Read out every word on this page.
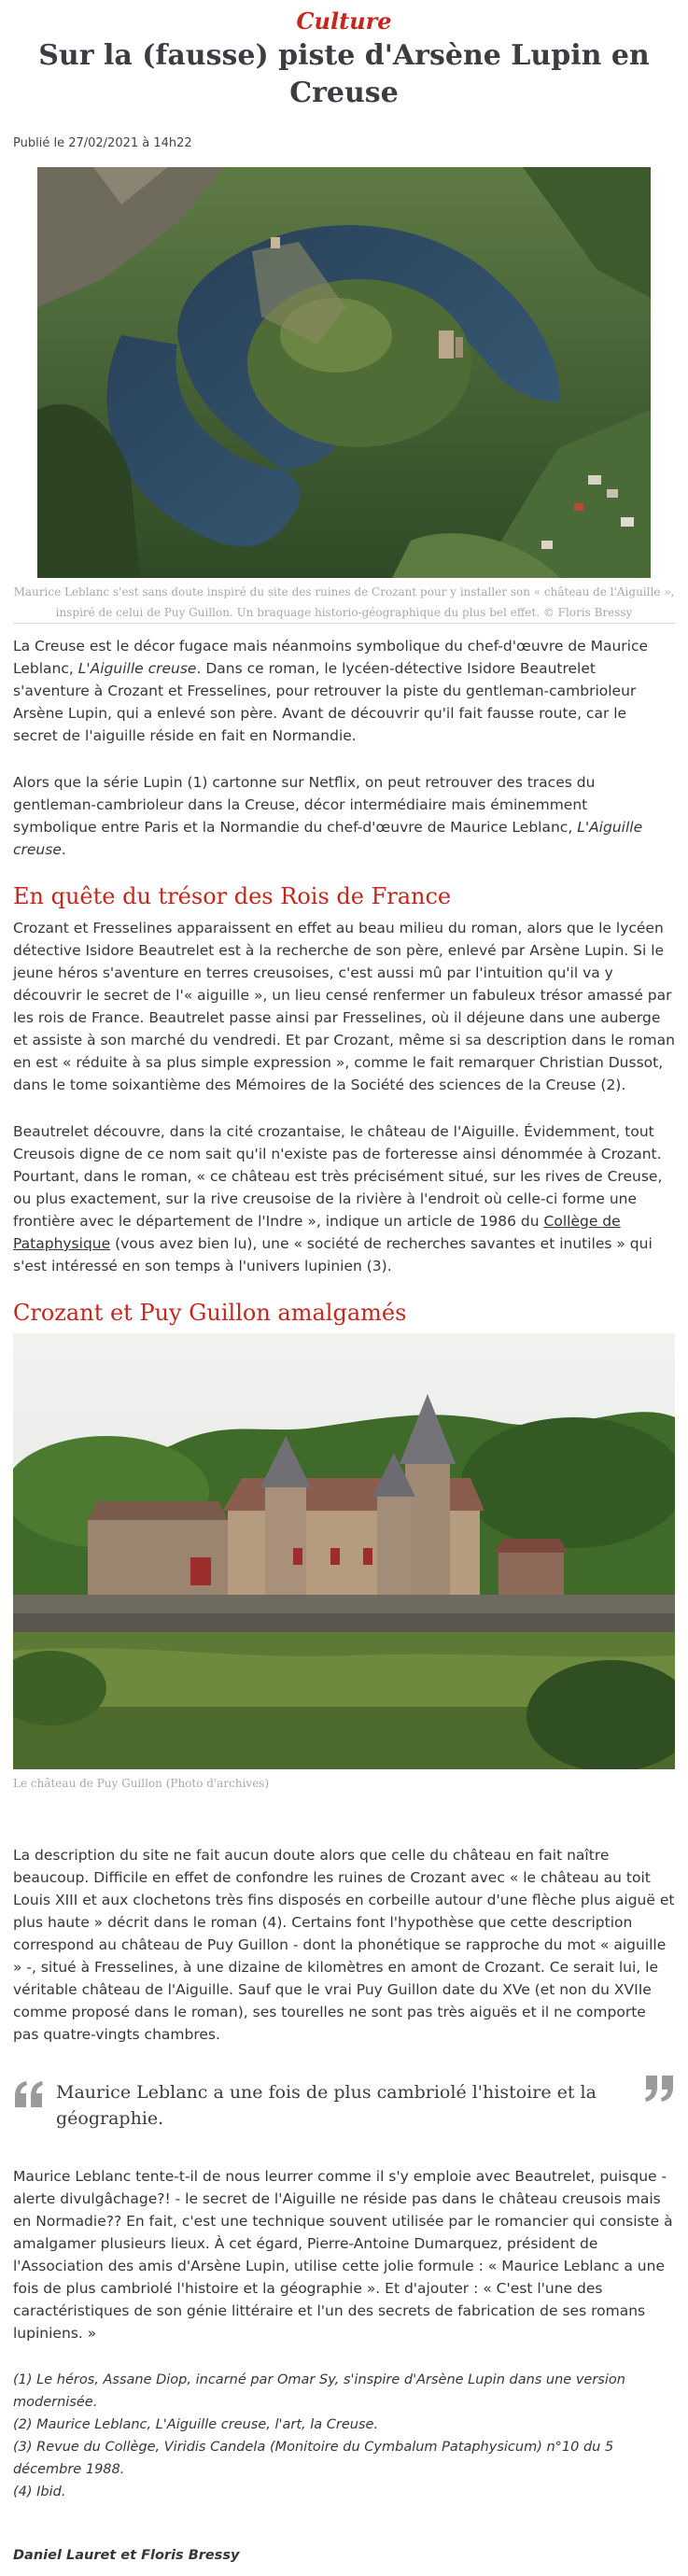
Culture

Sur la (fausse) piste d'Arsène Lupin en Creuse
Publié le 27/02/2021 à 14h22
Maurice Leblanc s'est sans doute inspiré du site des ruines de Crozant pour y installer son « château de l'Aiguille », inspiré de celui de Puy Guillon. Un braquage historio-géographique du plus bel effet. © Floris Bressy

La Creuse est le décor fugace mais néanmoins symbolique du chef-d'œuvre de Maurice Leblanc, L'Aiguille creuse. Dans ce roman, le lycéen-détective Isidore Beautrelet s'aventure à Crozant et Fresselines, pour retrouver la piste du gentleman-cambrioleur Arsène Lupin, qui a enlevé son père. Avant de découvrir qu'il fait fausse route, car le secret de l'aiguille réside en fait en Normandie.

Alors que la série Lupin (1) cartonne sur Netflix, on peut retrouver des traces du gentleman-cambrioleur dans la Creuse, décor intermédiaire mais éminemment symbolique entre Paris et la Normandie du chef-d'œuvre de Maurice Leblanc, L'Aiguille creuse.

En quête du trésor des Rois de France

Crozant et Fresselines apparaissent en effet au beau milieu du roman, alors que le lycéen détective Isidore Beautrelet est à la recherche de son père, enlevé par Arsène Lupin. Si le jeune héros s'aventure en terres creusoises, c'est aussi mû par l'intuition qu'il va y découvrir le secret de l'« aiguille », un lieu censé renfermer un fabuleux trésor amassé par les rois de France. Beautrelet passe ainsi par Fresselines, où il déjeune dans une auberge et assiste à son marché du vendredi. Et par Crozant, même si sa description dans le roman en est « réduite à sa plus simple expression », comme le fait remarquer Christian Dussot, dans le tome soixantième des Mémoires de la Société des sciences de la Creuse (2).

Beautrelet découvre, dans la cité crozantaise, le château de l'Aiguille. Évidemment, tout Creusois digne de ce nom sait qu'il n'existe pas de forteresse ainsi dénommée à Crozant. Pourtant, dans le roman, « ce château est très précisément situé, sur les rives de Creuse, ou plus exactement, sur la rive creusoise de la rivière à l'endroit où celle-ci forme une frontière avec le département de l'Indre », indique un article de 1986 du Collège de Pataphysique (vous avez bien lu), une « société de recherches savantes et inutiles » qui s'est intéressé en son temps à l'univers lupinien (3).

Crozant et Puy Guillon amalgamés
Le château de Puy Guillon (Photo d'archives)

La description du site ne fait aucun doute alors que celle du château en fait naître beaucoup. Difficile en effet de confondre les ruines de Crozant avec « le château au toit Louis XIII et aux clochetons très fins disposés en corbeille autour d'une flèche plus aiguë et plus haute » décrit dans le roman (4). Certains font l'hypothèse que cette description correspond au château de Puy Guillon - dont la phonétique se rapproche du mot « aiguille » -, situé à Fresselines, à une dizaine de kilomètres en amont de Crozant. Ce serait lui, le véritable château de l'Aiguille. Sauf que le vrai Puy Guillon date du XVe (et non du XVIIe comme proposé dans le roman), ses tourelles ne sont pas très aiguës et il ne comporte pas quatre-vingts chambres.

Maurice Leblanc a une fois de plus cambriolé l'histoire et la géographie.

Maurice Leblanc tente-t-il de nous leurrer comme il s'y emploie avec Beautrelet, puisque - alerte divulgâchage?! - le secret de l'Aiguille ne réside pas dans le château creusois mais en Normadie?? En fait, c'est une technique souvent utilisée par le romancier qui consiste à amalgamer plusieurs lieux. À cet égard, Pierre-Antoine Dumarquez, président de l'Association des amis d'Arsène Lupin, utilise cette jolie formule : « Maurice Leblanc a une fois de plus cambriolé l'histoire et la géographie ». Et d'ajouter : « C'est l'une des caractéristiques de son génie littéraire et l'un des secrets de fabrication de ses romans lupiniens. »

(1) Le héros, Assane Diop, incarné par Omar Sy, s'inspire d'Arsène Lupin dans une version modernisée.

(2) Maurice Leblanc, L'Aiguille creuse, l'art, la Creuse.

(3) Revue du Collège, Viridis Candela (Monitoire du Cymbalum Pataphysicum) n°10 du 5 décembre 1988.

(4) Ibid.

Daniel Lauret et Floris Bressy
